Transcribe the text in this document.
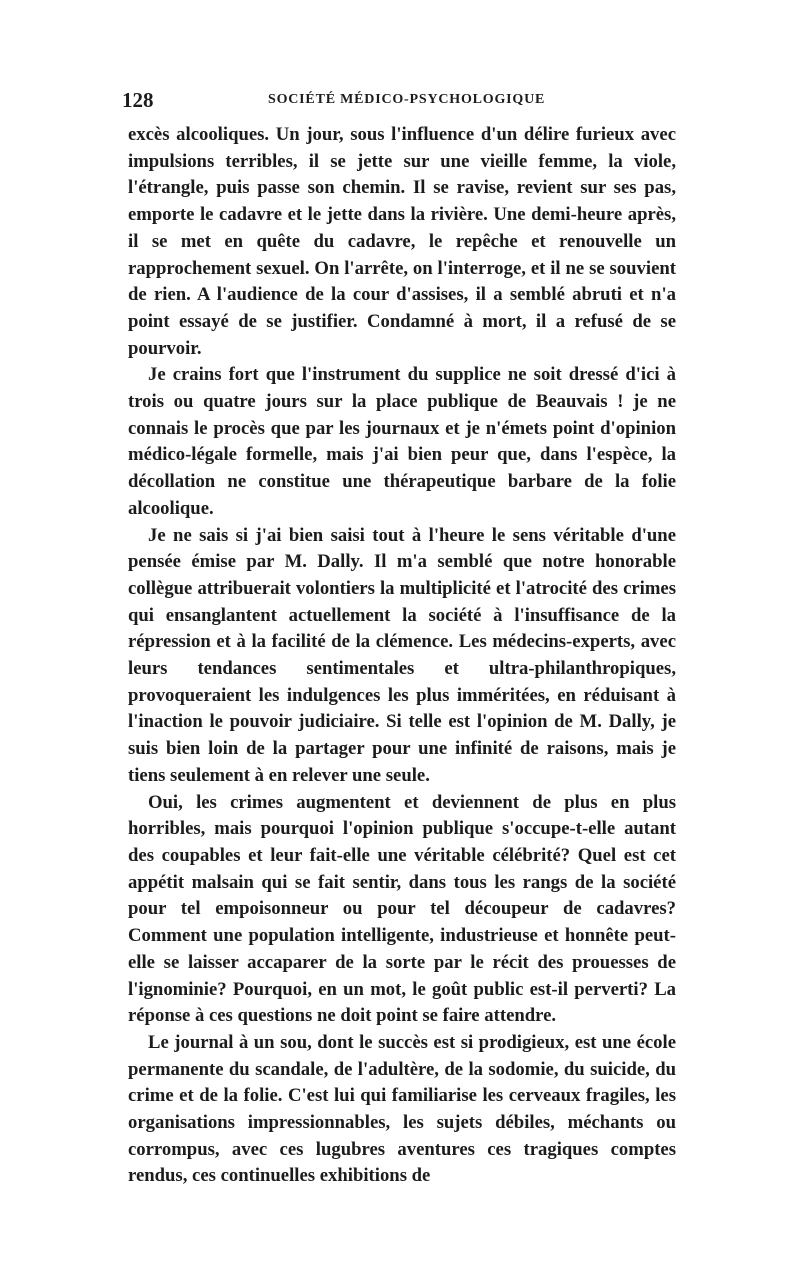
128	SOCIÉTÉ MÉDICO-PSYCHOLOGIQUE

excès alcooliques. Un jour, sous l'influence d'un délire furieux avec impulsions terribles, il se jette sur une vieille femme, la viole, l'étrangle, puis passe son chemin. Il se ravise, revient sur ses pas, emporte le cadavre et le jette dans la rivière. Une demi-heure après, il se met en quête du cadavre, le repêche et renouvelle un rapprochement sexuel. On l'arrête, on l'interroge, et il ne se souvient de rien. A l'audience de la cour d'assises, il a semblé abruti et n'a point essayé de se justifier. Condamné à mort, il a refusé de se pourvoir.

Je crains fort que l'instrument du supplice ne soit dressé d'ici à trois ou quatre jours sur la place publique de Beauvais ! je ne connais le procès que par les journaux et je n'émets point d'opinion médico-légale formelle, mais j'ai bien peur que, dans l'espèce, la décollation ne constitue une thérapeutique barbare de la folie alcoolique.

Je ne sais si j'ai bien saisi tout à l'heure le sens véritable d'une pensée émise par M. Dally. Il m'a semblé que notre honorable collègue attribuerait volontiers la multiplicité et l'atrocité des crimes qui ensanglantent actuellement la société à l'insuffisance de la répression et à la facilité de la clémence. Les médecins-experts, avec leurs tendances sentimentales et ultra-philanthropiques, provoqueraient les indulgences les plus imméritées, en réduisant à l'inaction le pouvoir judiciaire. Si telle est l'opinion de M. Dally, je suis bien loin de la partager pour une infinité de raisons, mais je tiens seulement à en relever une seule.

Oui, les crimes augmentent et deviennent de plus en plus horribles, mais pourquoi l'opinion publique s'occupe-t-elle autant des coupables et leur fait-elle une véritable célébrité? Quel est cet appétit malsain qui se fait sentir, dans tous les rangs de la société pour tel empoisonneur ou pour tel découpeur de cadavres? Comment une population intelligente, industrieuse et honnête peut-elle se laisser accaparer de la sorte par le récit des prouesses de l'ignominie? Pourquoi, en un mot, le goût public est-il perverti? La réponse à ces questions ne doit point se faire attendre.

Le journal à un sou, dont le succès est si prodigieux, est une école permanente du scandale, de l'adultère, de la sodomie, du suicide, du crime et de la folie. C'est lui qui familiarise les cerveaux fragiles, les organisations impressionnables, les sujets débiles, méchants ou corrompus, avec ces lugubres aventures ces tragiques comptes rendus, ces continuelles exhibitions de
